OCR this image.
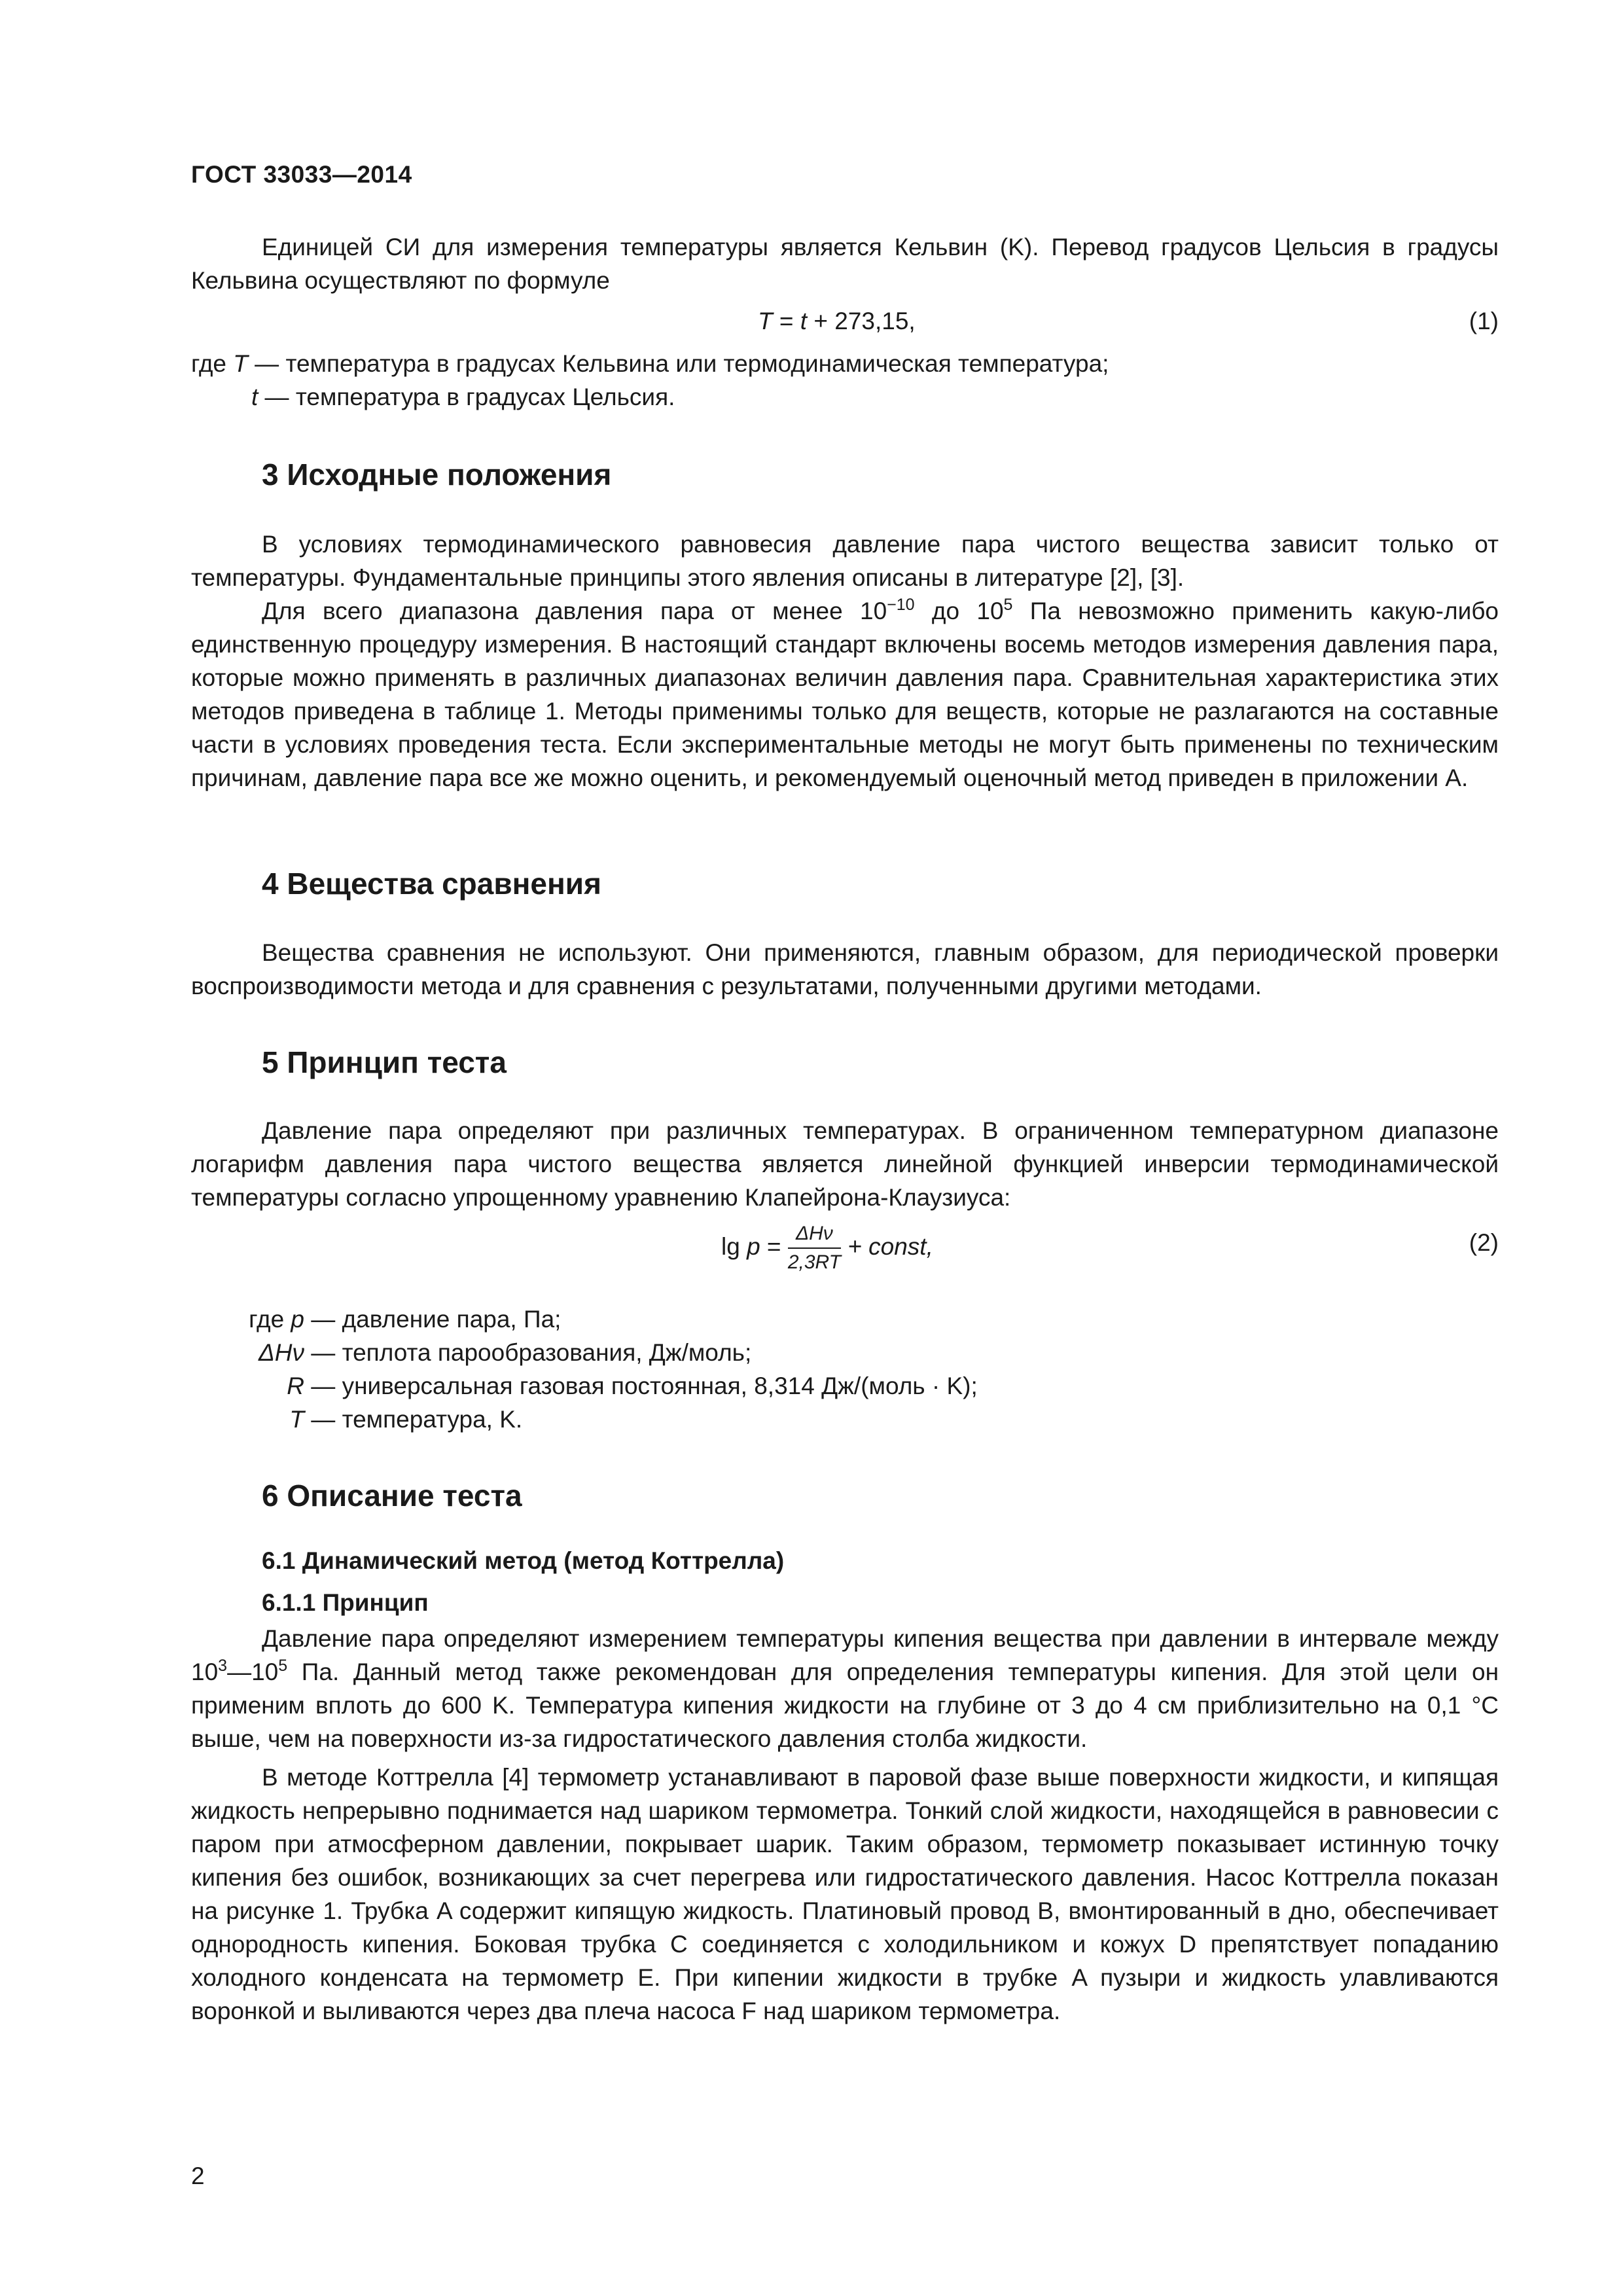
ГОСТ 33033—2014

Единицей СИ для измерения температуры является Кельвин (K). Перевод градусов Цельсия в градусы Кельвина осуществляют по формуле

T = t + 273,15,	(1)
где T — температура в градусах Кельвина или термодинамическая температура;
t — температура в градусах Цельсия.
3 Исходные положения

В условиях термодинамического равновесия давление пара чистого вещества зависит только от температуры. Фундаментальные принципы этого явления описаны в литературе [2], [3].

Для всего диапазона давления пара от менее $10^{-10}$ до $10^5$ Па невозможно применить какую-либо единственную процедуру измерения. В настоящий стандарт включены восемь методов измерения давления пара, которые можно применять в различных диапазонах величин давления пара. Сравнительная характеристика этих методов приведена в таблице 1. Методы применимы только для веществ, которые не разлагаются на составные части в условиях проведения теста. Если экспериментальные методы не могут быть применены по техническим причинам, давление пара все же можно оценить, и рекомендуемый оценочный метод приведен в приложении А.

4 Вещества сравнения

Вещества сравнения не используют. Они применяются, главным образом, для периодической проверки воспроизводимости метода и для сравнения с результатами, полученными другими методами.

5 Принцип теста

Давление пара определяют при различных температурах. В ограниченном температурном диапазоне логарифм давления пара чистого вещества является линейной функцией инверсии термодинамической температуры согласно упрощенному уравнению Клапейрона-Клаузиуса:

$\lg p = \frac{\text{ΔHν}}{2,3RT}$ + const,	(2)
где p — давление пара, Па;
ΔHν — теплота парообразования, Дж/моль;
R — универсальная газовая постоянная, 8,314 Дж/(моль · K);
T — температура, K.
6 Описание теста
6.1 Динамический метод (метод Коттрелла)
6.1.1 Принцип

Давление пара определяют измерением температуры кипения вещества при давлении в интервале между $10^3—10^5$ Па. Данный метод также рекомендован для определения температуры кипения. Для этой цели он применим вплоть до 600 K. Температура кипения жидкости на глубине от 3 до 4 см приблизительно на 0,1 °C выше, чем на поверхности из-за гидростатического давления столба жидкости.

В методе Коттрелла [4] термометр устанавливают в паровой фазе выше поверхности жидкости, и кипящая жидкость непрерывно поднимается над шариком термометра. Тонкий слой жидкости, находящейся в равновесии с паром при атмосферном давлении, покрывает шарик. Таким образом, термометр показывает истинную точку кипения без ошибок, возникающих за счет перегрева или гидростатического давления. Насос Коттрелла показан на рисунке 1. Трубка A содержит кипящую жидкость. Платиновый провод B, вмонтированный в дно, обеспечивает однородность кипения. Боковая трубка C соединяется с холодильником и кожух D препятствует попаданию холодного конденсата на термометр E. При кипении жидкости в трубке A пузыри и жидкость улавливаются воронкой и выливаются через два плеча насоса F над шариком термометра.

2
